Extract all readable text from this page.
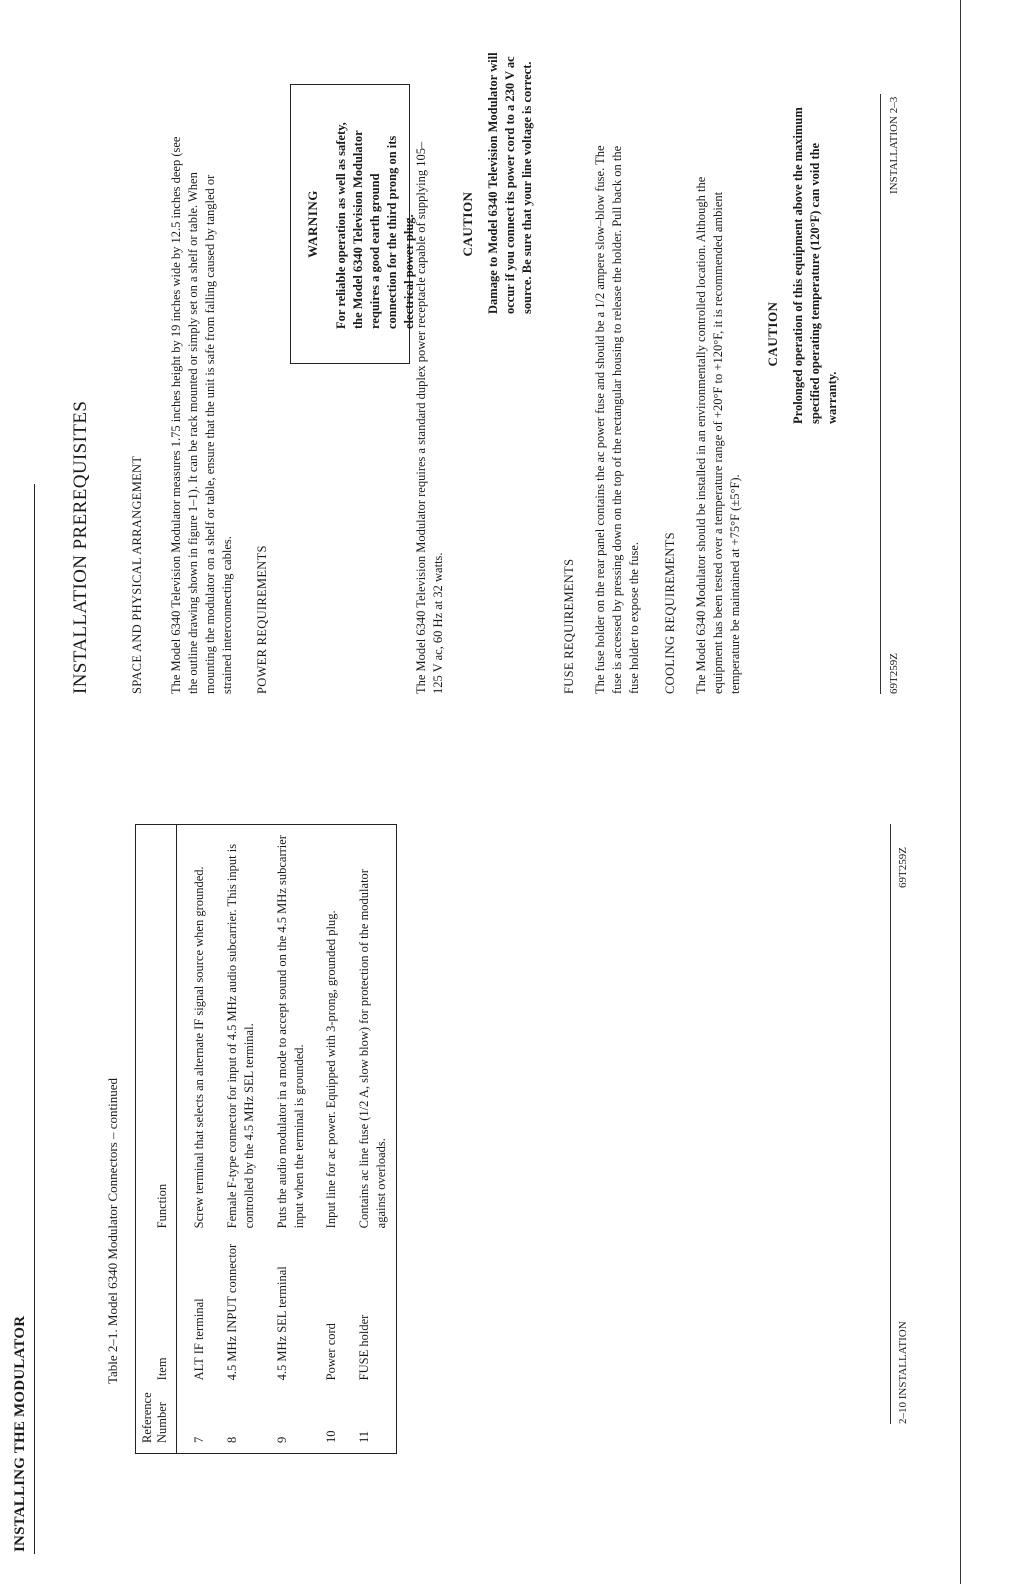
INSTALLING THE MODULATOR
Table 2–1. Model 6340 Modulator Connectors – continued
Reference Number	Item	Function
7	ALT IF terminal	Screw terminal that selects an alternate IF signal source when grounded.
8	4.5 MHz INPUT connector	Female F-type connector for input of 4.5 MHz audio subcarrier. This input is controlled by the 4.5 MHz SEL terminal.
9	4.5 MHz SEL terminal	Puts the audio modulator in a mode to accept sound on the 4.5 MHz subcarrier input when the terminal is grounded.
10	Power cord	Input line for ac power. Equipped with 3-prong, grounded plug.
11	FUSE holder	Contains ac line fuse (1/2 A, slow blow) for protection of the modulator against overloads.
2–10 INSTALLATION
69T259Z
INSTALLATION PREREQUISITES	SPACE AND PHYSICAL ARRANGEMENT The Model 6340 Television Modulator measures 1.75 inches height by 19 inches wide by 12.5 inches deep (see the outline drawing shown in figure 1–1). It can be rack mounted or simply set on a shelf or table. When mounting the modulator on a shelf or table, ensure that the unit is safe from falling caused by tangled or strained interconnecting cables. POWER REQUIREMENTS
WARNING For reliable operation as well as safety, the Model 6340 Television Modulator requires a good earth ground connection for the third prong on its electrical power plug.

The Model 6340 Television Modulator requires a standard duplex power receptacle capable of supplying 105–125 V ac, 60 Hz at 32 watts.

CAUTION Damage to Model 6340 Television Modulator will occur if you connect its power cord to a 230 V ac source. Be sure that your line voltage is correct.

FUSE REQUIREMENTS The fuse holder on the rear panel contains the ac power fuse and should be a 1/2 ampere slow–blow fuse. The fuse is accessed by pressing down on the top of the rectangular housing to release the holder. Pull back on the fuse holder to expose the fuse. COOLING REQUIREMENTS The Model 6340 Modulator should be installed in an environmentally controlled location. Although the equipment has been tested over a temperature range of +20°F to +120°F, it is recommended ambient temperature be maintained at +75°F (±5°F).

CAUTION Prolonged operation of this equipment above the maximum specified operating temperature (120°F) can void the warranty.

69T259Z
INSTALLATION 2–3
